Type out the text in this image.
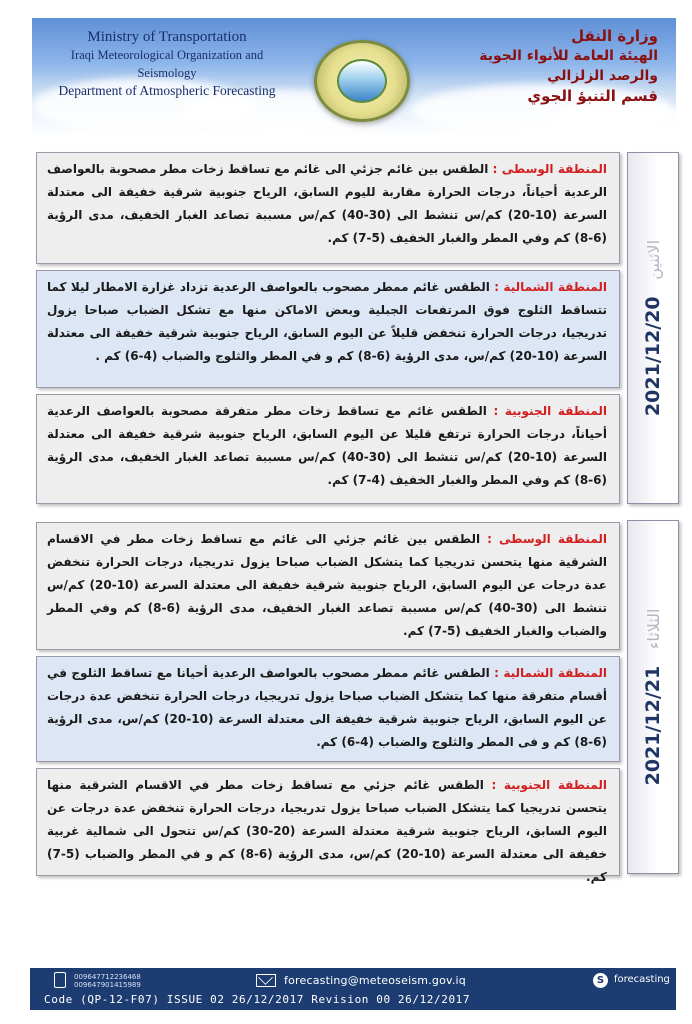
Ministry of Transportation
Iraqi Meteorological Organization and Seismology
Department of Atmospheric Forecasting
وزارة النقل
الهيئة العامة للأنواء الجوية والرصد الزلزالي
قسم التنبؤ الجوي
الاثنين 2021/12/20
المنطقة الوسطى : الطقس بين غائم جزئي الى غائم مع تساقط زخات مطر مصحوبة بالعواصف الرعدية أحياناً، درجات الحرارة مقاربة لليوم السابق، الرياح جنوبية شرقية خفيفة الى معتدلة السرعة (10-20) كم/س تنشط الى (30-40) كم/س مسببة تصاعد الغبار الخفيف، مدى الرؤية (6-8) كم وفي المطر والغبار الخفيف (5-7) كم.
المنطقة الشمالية : الطقس غائم ممطر مصحوب بالعواصف الرعدية تزداد غزارة الامطار ليلا كما تتساقط الثلوج فوق المرتفعات الجبلية وبعض الاماكن منها مع تشكل الضباب صباحا يزول تدريجيا، درجات الحرارة تنخفض قليلاً عن اليوم السابق، الرياح جنوبية شرقية خفيفة الى معتدلة السرعة (10-20) كم/س، مدى الرؤية (6-8) كم و في المطر والثلوج والضباب (4-6) كم .
المنطقة الجنوبية : الطقس غائم مع تساقط زخات مطر متفرقة مصحوبة بالعواصف الرعدية أحياناً، درجات الحرارة ترتفع قليلا عن اليوم السابق، الرياح جنوبية شرقية خفيفة الى معتدلة السرعة (10-20) كم/س تنشط الى (30-40) كم/س مسببة تصاعد الغبار الخفيف، مدى الرؤية (6-8) كم وفي المطر والغبار الخفيف (4-7) كم.
الثلاثاء 2021/12/21
المنطقة الوسطى : الطقس بين غائم جزئي الى غائم مع تساقط زخات مطر في الاقسام الشرقية منها يتحسن تدريجيا كما يتشكل الضباب صباحا يزول تدريجيا، درجات الحرارة تنخفض عدة درجات عن اليوم السابق، الرياح جنوبية شرقية خفيفة الى معتدلة السرعة (10-20) كم/س تنشط الى (30-40) كم/س مسببة تصاعد الغبار الخفيف، مدى الرؤية (6-8) كم وفي المطر والضباب والغبار الخفيف (5-7) كم.
المنطقة الشمالية : الطقس غائم ممطر مصحوب بالعواصف الرعدية أحيانا مع تساقط الثلوج في أقسام متفرقة منها كما يتشكل الضباب صباحا يزول تدريجيا، درجات الحرارة تنخفض عدة درجات عن اليوم السابق، الرياح جنوبية شرقية خفيفة الى معتدلة السرعة (10-20) كم/س، مدى الرؤية (6-8) كم و فى المطر والثلوج والضباب (4-6) كم.
المنطقة الجنوبية : الطقس غائم جزئي مع تساقط زخات مطر في الاقسام الشرقية منها يتحسن تدريجيا كما يتشكل الضباب صباحا يزول تدريجيا، درجات الحرارة تنخفض عدة درجات عن اليوم السابق، الرياح جنوبية شرقية معتدلة السرعة (20-30) كم/س تتحول الى شمالية غربية خفيفة الى معتدلة السرعة (10-20) كم/س، مدى الرؤية (6-8) كم و في المطر والضباب (5-7) كم.
009647712236468
009647901415989	forecasting@meteoseism.gov.iq	S forecasting
Code (QP-12-F07) ISSUE 02 26/12/2017 Revision 00 26/12/2017
